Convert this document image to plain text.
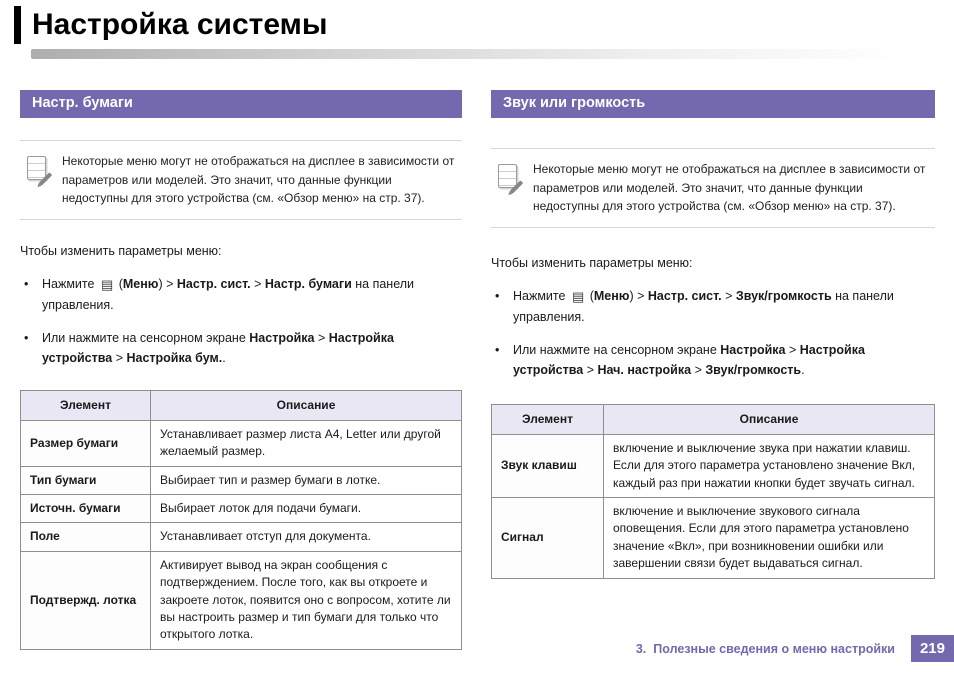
Настройка системы
Настр. бумаги
Некоторые меню могут не отображаться на дисплее в зависимости от параметров или моделей. Это значит, что данные функции недоступны для этого устройства (см. «Обзор меню» на стр. 37).
Чтобы изменить параметры меню:
• Нажмите ▤ (Меню) > Настр. сист. > Настр. бумаги на панели управления.
• Или нажмите на сенсорном экране Настройка > Настройка устройства > Настройка бум..
Элемент	Описание
Размер бумаги	Устанавливает размер листа A4, Letter или другой желаемый размер.
Тип бумаги	Выбирает тип и размер бумаги в лотке.
Источн. бумаги	Выбирает лоток для подачи бумаги.
Поле	Устанавливает отступ для документа.
Подтвержд. лотка	Активирует вывод на экран сообщения с подтверждением. После того, как вы откроете и закроете лоток, появится оно с вопросом, хотите ли вы настроить размер и тип бумаги для только что открытого лотка.
Звук или громкость
Некоторые меню могут не отображаться на дисплее в зависимости от параметров или моделей. Это значит, что данные функции недоступны для этого устройства (см. «Обзор меню» на стр. 37).
Чтобы изменить параметры меню:
• Нажмите ▤ (Меню) > Настр. сист. > Звук/громкость на панели управления.
• Или нажмите на сенсорном экране Настройка > Настройка устройства > Нач. настройка > Звук/громкость.
Элемент	Описание
Звук клавиш	включение и выключение звука при нажатии клавиш. Если для этого параметра установлено значение Вкл, каждый раз при нажатии кнопки будет звучать сигнал.
Сигнал	включение и выключение звукового сигнала оповещения. Если для этого параметра установлено значение «Вкл», при возникновении ошибки или завершении связи будет выдаваться сигнал.
3. Полезные сведения о меню настройки	219
